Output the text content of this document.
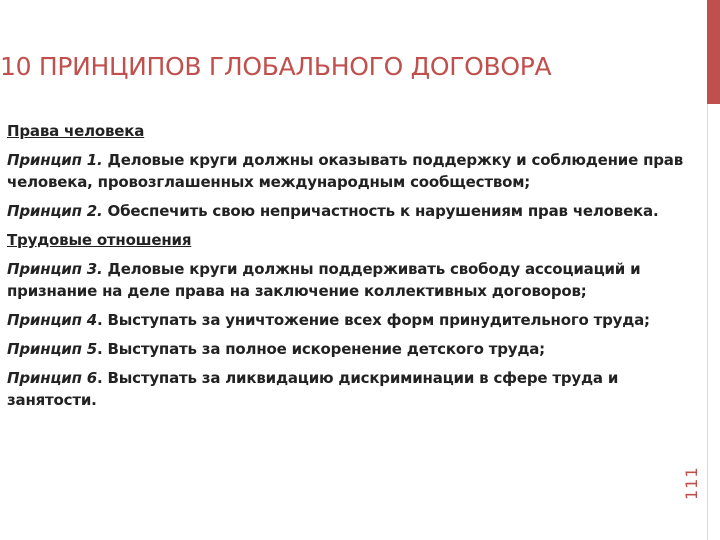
10 ПРИНЦИПОВ ГЛОБАЛЬНОГО ДОГОВОРА
111

Права человека

Принцип 1. Деловые круги должны оказывать поддержку и соблюдение прав человека, провозглашенных международным сообществом;

Принцип 2. Обеспечить свою непричастность к нарушениям прав человека.

Трудовые отношения

Принцип 3. Деловые круги должны поддерживать свободу ассоциаций и признание на деле права на заключение коллективных договоров;

Принцип 4. Выступать за уничтожение всех форм принудительного труда;

Принцип 5. Выступать за полное искоренение детского труда;

Принцип 6. Выступать за ликвидацию дискриминации в сфере труда и занятости.
